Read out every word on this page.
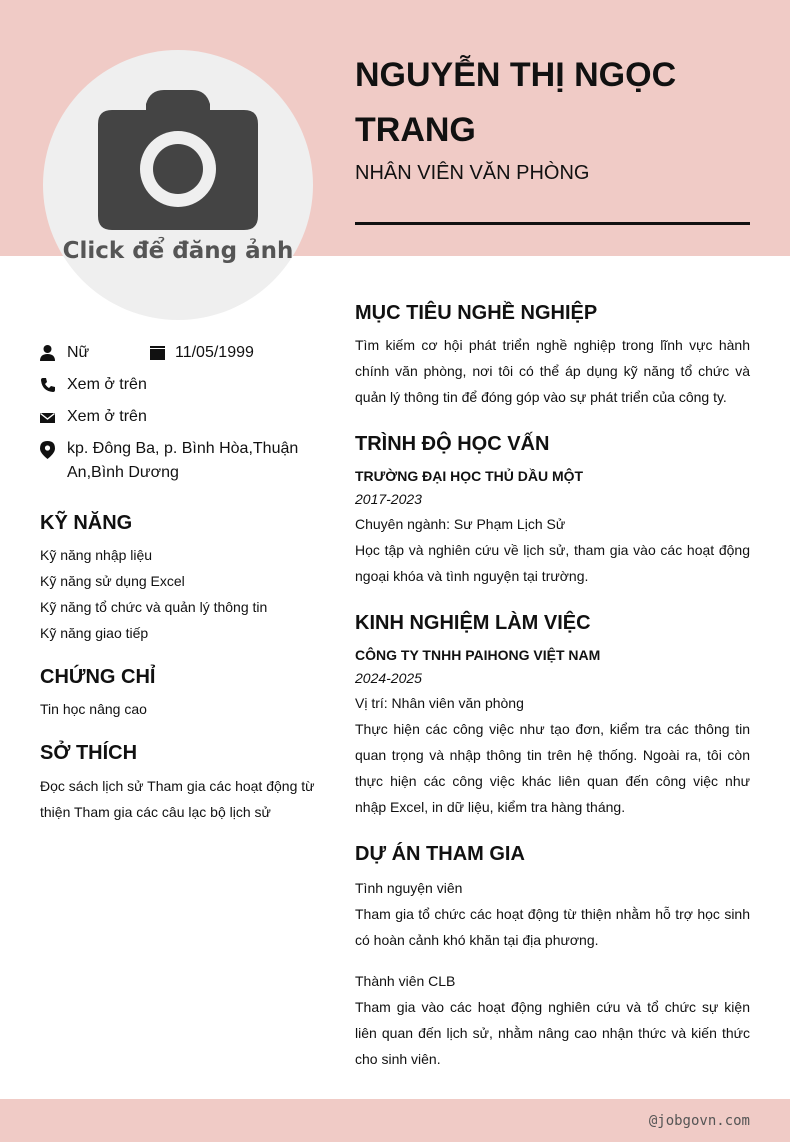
Click để đăng ảnh
NGUYỄN THỊ NGỌC TRANG
NHÂN VIÊN VĂN PHÒNG
Nữ	11/05/1999
Xem ở trên
Xem ở trên
kp. Đông Ba, p. Bình Hòa,Thuận An,Bình Dương
KỸ NĂNG
Kỹ năng nhập liệu
Kỹ năng sử dụng Excel
Kỹ năng tổ chức và quản lý thông tin
Kỹ năng giao tiếp
CHỨNG CHỈ
Tin học nâng cao
SỞ THÍCH
Đọc sách lịch sử Tham gia các hoạt động từ thiện Tham gia các câu lạc bộ lịch sử
MỤC TIÊU NGHỀ NGHIỆP
Tìm kiếm cơ hội phát triển nghề nghiệp trong lĩnh vực hành chính văn phòng, nơi tôi có thể áp dụng kỹ năng tổ chức và quản lý thông tin để đóng góp vào sự phát triển của công ty.
TRÌNH ĐỘ HỌC VẤN
TRƯỜNG ĐẠI HỌC THỦ DẦU MỘT
2017-2023
Chuyên ngành: Sư Phạm Lịch Sử
Học tập và nghiên cứu về lịch sử, tham gia vào các hoạt động ngoại khóa và tình nguyện tại trường.
KINH NGHIỆM LÀM VIỆC
CÔNG TY TNHH PAIHONG VIỆT NAM
2024-2025
Vị trí: Nhân viên văn phòng
Thực hiện các công việc như tạo đơn, kiểm tra các thông tin quan trọng và nhập thông tin trên hệ thống. Ngoài ra, tôi còn thực hiện các công việc khác liên quan đến công việc như nhập Excel, in dữ liệu, kiểm tra hàng tháng.
DỰ ÁN THAM GIA
Tình nguyện viên
Tham gia tổ chức các hoạt động từ thiện nhằm hỗ trợ học sinh có hoàn cảnh khó khăn tại địa phương.
Thành viên CLB
Tham gia vào các hoạt động nghiên cứu và tổ chức sự kiện liên quan đến lịch sử, nhằm nâng cao nhận thức và kiến thức cho sinh viên.
@jobgovn.com
